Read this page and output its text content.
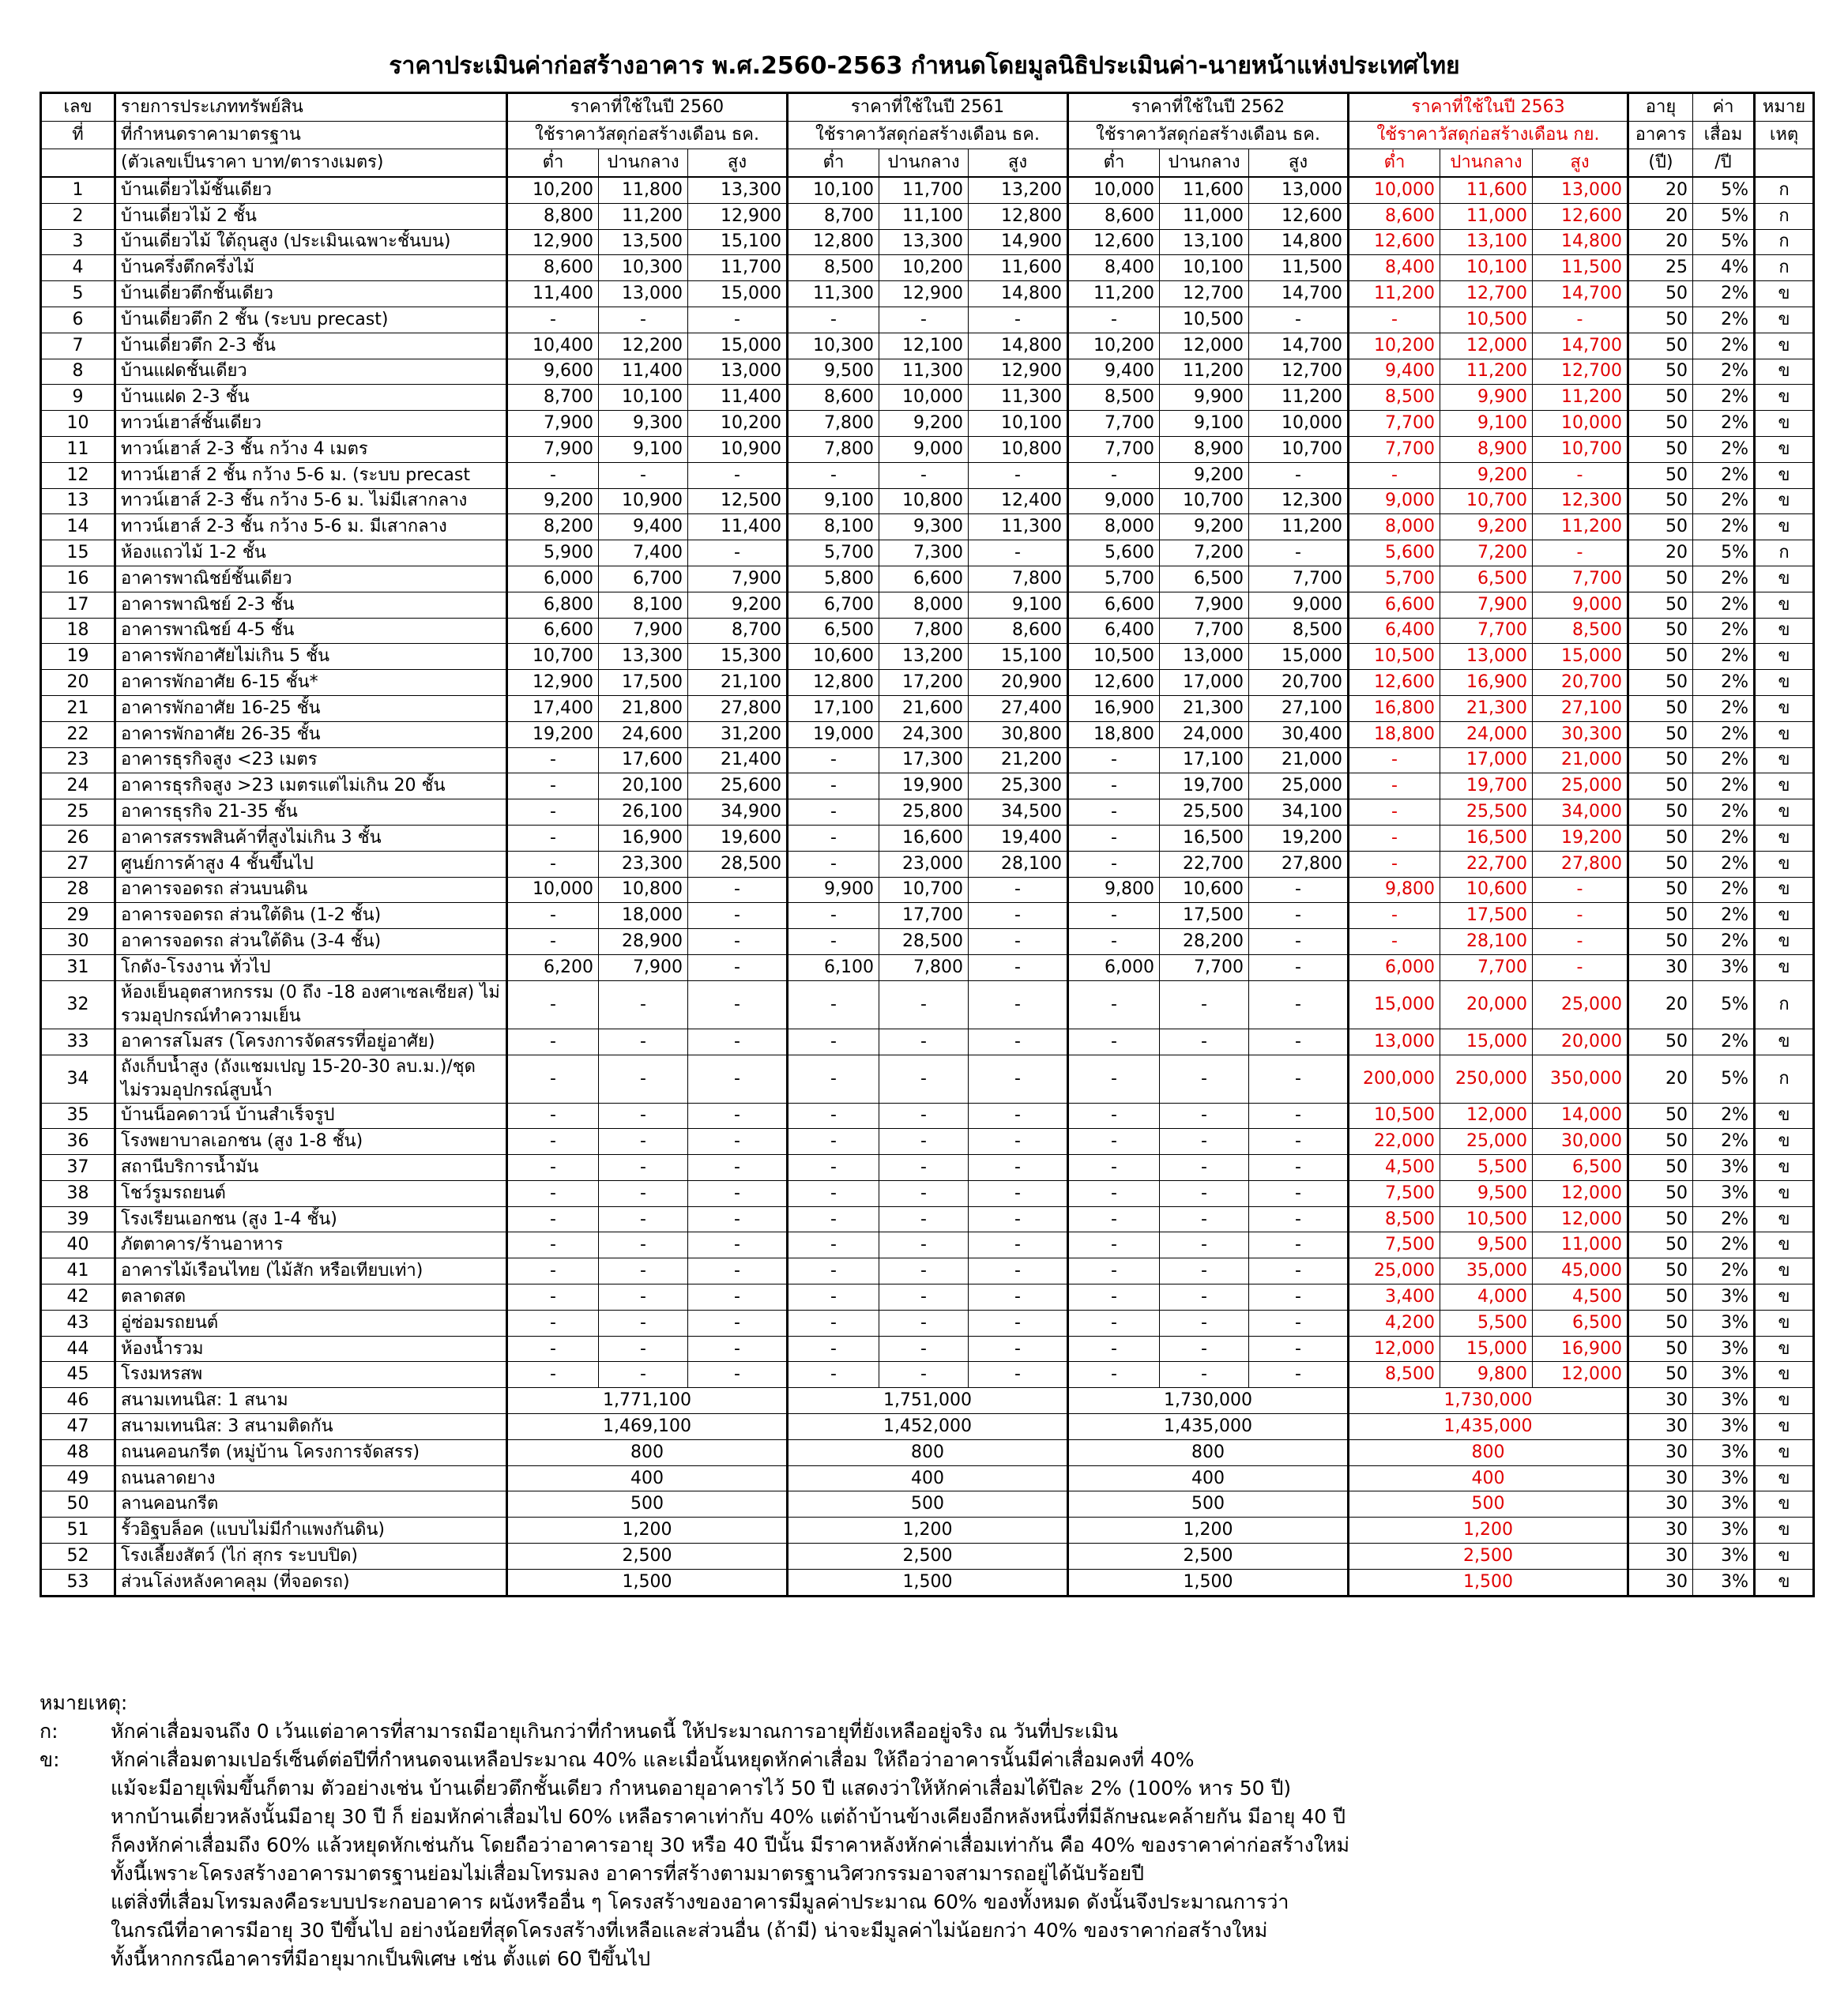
ราคาประเมินค่าก่อสร้างอาคาร พ.ศ.2560-2563 กำหนดโดยมูลนิธิประเมินค่า-นายหน้าแห่งประเทศไทย
เลข	รายการประเภททรัพย์สิน	ราคาที่ใช้ในปี 2560			ราคาที่ใช้ในปี 2561			ราคาที่ใช้ในปี 2562			ราคาที่ใช้ในปี 2563			อายุ	ค่า	หมาย
ที่	ที่กำหนดราคามาตรฐาน	ใช้ราคาวัสดุก่อสร้างเดือน ธค.			ใช้ราคาวัสดุก่อสร้างเดือน ธค.			ใช้ราคาวัสดุก่อสร้างเดือน ธค.			ใช้ราคาวัสดุก่อสร้างเดือน กย.			อาคาร	เสื่อม	เหตุ
	(ตัวเลขเป็นราคา บาท/ตารางเมตร)	ต่ำ	ปานกลาง	สูง	ต่ำ	ปานกลาง	สูง	ต่ำ	ปานกลาง	สูง	ต่ำ	ปานกลาง	สูง	(ปี)	/ปี	
1	บ้านเดี่ยวไม้ชั้นเดียว	10,200	11,800	13,300	10,100	11,700	13,200	10,000	11,600	13,000	10,000	11,600	13,000	20	5%	ก
2	บ้านเดี่ยวไม้ 2 ชั้น	8,800	11,200	12,900	8,700	11,100	12,800	8,600	11,000	12,600	8,600	11,000	12,600	20	5%	ก
3	บ้านเดี่ยวไม้ ใต้ถุนสูง (ประเมินเฉพาะชั้นบน)	12,900	13,500	15,100	12,800	13,300	14,900	12,600	13,100	14,800	12,600	13,100	14,800	20	5%	ก
4	บ้านครึ่งตึกครึ่งไม้	8,600	10,300	11,700	8,500	10,200	11,600	8,400	10,100	11,500	8,400	10,100	11,500	25	4%	ก
5	บ้านเดี่ยวตึกชั้นเดียว	11,400	13,000	15,000	11,300	12,900	14,800	11,200	12,700	14,700	11,200	12,700	14,700	50	2%	ข
6	บ้านเดี่ยวตึก 2 ชั้น (ระบบ precast)	-	-	-	-	-	-	-	10,500	-	-	10,500	-	50	2%	ข
7	บ้านเดี่ยวตึก 2-3 ชั้น	10,400	12,200	15,000	10,300	12,100	14,800	10,200	12,000	14,700	10,200	12,000	14,700	50	2%	ข
8	บ้านแฝดชั้นเดียว	9,600	11,400	13,000	9,500	11,300	12,900	9,400	11,200	12,700	9,400	11,200	12,700	50	2%	ข
9	บ้านแฝด 2-3 ชั้น	8,700	10,100	11,400	8,600	10,000	11,300	8,500	9,900	11,200	8,500	9,900	11,200	50	2%	ข
10	ทาวน์เฮาส์ชั้นเดียว	7,900	9,300	10,200	7,800	9,200	10,100	7,700	9,100	10,000	7,700	9,100	10,000	50	2%	ข
11	ทาวน์เฮาส์ 2-3 ชั้น กว้าง 4 เมตร	7,900	9,100	10,900	7,800	9,000	10,800	7,700	8,900	10,700	7,700	8,900	10,700	50	2%	ข
12	ทาวน์เฮาส์ 2 ชั้น กว้าง 5-6 ม. (ระบบ precast	-	-	-	-	-	-	-	9,200	-	-	9,200	-	50	2%	ข
13	ทาวน์เฮาส์ 2-3 ชั้น กว้าง 5-6 ม. ไม่มีเสากลาง	9,200	10,900	12,500	9,100	10,800	12,400	9,000	10,700	12,300	9,000	10,700	12,300	50	2%	ข
14	ทาวน์เฮาส์ 2-3 ชั้น กว้าง 5-6 ม. มีเสากลาง	8,200	9,400	11,400	8,100	9,300	11,300	8,000	9,200	11,200	8,000	9,200	11,200	50	2%	ข
15	ห้องแถวไม้ 1-2 ชั้น	5,900	7,400	-	5,700	7,300	-	5,600	7,200	-	5,600	7,200	-	20	5%	ก
16	อาคารพาณิชย์ชั้นเดียว	6,000	6,700	7,900	5,800	6,600	7,800	5,700	6,500	7,700	5,700	6,500	7,700	50	2%	ข
17	อาคารพาณิชย์ 2-3 ชั้น	6,800	8,100	9,200	6,700	8,000	9,100	6,600	7,900	9,000	6,600	7,900	9,000	50	2%	ข
18	อาคารพาณิชย์ 4-5 ชั้น	6,600	7,900	8,700	6,500	7,800	8,600	6,400	7,700	8,500	6,400	7,700	8,500	50	2%	ข
19	อาคารพักอาศัยไม่เกิน 5 ชั้น	10,700	13,300	15,300	10,600	13,200	15,100	10,500	13,000	15,000	10,500	13,000	15,000	50	2%	ข
20	อาคารพักอาศัย 6-15 ชั้น*	12,900	17,500	21,100	12,800	17,200	20,900	12,600	17,000	20,700	12,600	16,900	20,700	50	2%	ข
21	อาคารพักอาศัย 16-25 ชั้น	17,400	21,800	27,800	17,100	21,600	27,400	16,900	21,300	27,100	16,800	21,300	27,100	50	2%	ข
22	อาคารพักอาศัย 26-35 ชั้น	19,200	24,600	31,200	19,000	24,300	30,800	18,800	24,000	30,400	18,800	24,000	30,300	50	2%	ข
23	อาคารธุรกิจสูง <23 เมตร	-	17,600	21,400	-	17,300	21,200	-	17,100	21,000	-	17,000	21,000	50	2%	ข
24	อาคารธุรกิจสูง >23 เมตรแต่ไม่เกิน 20 ชั้น	-	20,100	25,600	-	19,900	25,300	-	19,700	25,000	-	19,700	25,000	50	2%	ข
25	อาคารธุรกิจ 21-35 ชั้น	-	26,100	34,900	-	25,800	34,500	-	25,500	34,100	-	25,500	34,000	50	2%	ข
26	อาคารสรรพสินค้าที่สูงไม่เกิน 3 ชั้น	-	16,900	19,600	-	16,600	19,400	-	16,500	19,200	-	16,500	19,200	50	2%	ข
27	ศูนย์การค้าสูง 4 ชั้นขึ้นไป	-	23,300	28,500	-	23,000	28,100	-	22,700	27,800	-	22,700	27,800	50	2%	ข
28	อาคารจอดรถ ส่วนบนดิน	10,000	10,800	-	9,900	10,700	-	9,800	10,600	-	9,800	10,600	-	50	2%	ข
29	อาคารจอดรถ ส่วนใต้ดิน (1-2 ชั้น)	-	18,000	-	-	17,700	-	-	17,500	-	-	17,500	-	50	2%	ข
30	อาคารจอดรถ ส่วนใต้ดิน (3-4 ชั้น)	-	28,900	-	-	28,500	-	-	28,200	-	-	28,100	-	50	2%	ข
31	โกดัง-โรงงาน ทั่วไป	6,200	7,900	-	6,100	7,800	-	6,000	7,700	-	6,000	7,700	-	30	3%	ข
32	ห้องเย็นอุตสาหกรรม (0 ถึง -18 องศาเซลเซียส) ไม่รวมอุปกรณ์ทำความเย็น	-	-	-	-	-	-	-	-	-	15,000	20,000	25,000	20	5%	ก
33	อาคารสโมสร (โครงการจัดสรรที่อยู่อาศัย)	-	-	-	-	-	-	-	-	-	13,000	15,000	20,000	50	2%	ข
34	ถังเก็บน้ำสูง (ถังแชมเปญ 15-20-30 ลบ.ม.)/ชุด ไม่รวมอุปกรณ์สูบน้ำ	-	-	-	-	-	-	-	-	-	200,000	250,000	350,000	20	5%	ก
35	บ้านน็อคดาวน์ บ้านสำเร็จรูป	-	-	-	-	-	-	-	-	-	10,500	12,000	14,000	50	2%	ข
36	โรงพยาบาลเอกชน (สูง 1-8 ชั้น)	-	-	-	-	-	-	-	-	-	22,000	25,000	30,000	50	2%	ข
37	สถานีบริการน้ำมัน	-	-	-	-	-	-	-	-	-	4,500	5,500	6,500	50	3%	ข
38	โชว์รูมรถยนต์	-	-	-	-	-	-	-	-	-	7,500	9,500	12,000	50	3%	ข
39	โรงเรียนเอกชน (สูง 1-4 ชั้น)	-	-	-	-	-	-	-	-	-	8,500	10,500	12,000	50	2%	ข
40	ภัตตาคาร/ร้านอาหาร	-	-	-	-	-	-	-	-	-	7,500	9,500	11,000	50	2%	ข
41	อาคารไม้เรือนไทย (ไม้สัก หรือเทียบเท่า)	-	-	-	-	-	-	-	-	-	25,000	35,000	45,000	50	2%	ข
42	ตลาดสด	-	-	-	-	-	-	-	-	-	3,400	4,000	4,500	50	3%	ข
43	อู่ซ่อมรถยนต์	-	-	-	-	-	-	-	-	-	4,200	5,500	6,500	50	3%	ข
44	ห้องน้ำรวม	-	-	-	-	-	-	-	-	-	12,000	15,000	16,900	50	3%	ข
45	โรงมหรสพ	-	-	-	-	-	-	-	-	-	8,500	9,800	12,000	50	3%	ข
46	สนามเทนนิส: 1 สนาม	1,771,100			1,751,000			1,730,000			1,730,000			30	3%	ข
47	สนามเทนนิส: 3 สนามติดกัน	1,469,100			1,452,000			1,435,000			1,435,000			30	3%	ข
48	ถนนคอนกรีต (หมู่บ้าน โครงการจัดสรร)	800			800			800			800			30	3%	ข
49	ถนนลาดยาง	400			400			400			400			30	3%	ข
50	ลานคอนกรีต	500			500			500			500			30	3%	ข
51	รั้วอิฐบล็อค (แบบไม่มีกำแพงกันดิน)	1,200			1,200			1,200			1,200			30	3%	ข
52	โรงเลี้ยงสัตว์ (ไก่ สุกร ระบบปิด)	2,500			2,500			2,500			2,500			30	3%	ข
53	ส่วนโล่งหลังคาคลุม (ที่จอดรถ)	1,500			1,500			1,500			1,500			30	3%	ข
หมายเหตุ:
ก:	หักค่าเสื่อมจนถึง 0 เว้นแต่อาคารที่สามารถมีอายุเกินกว่าที่กำหนดนี้ ให้ประมาณการอายุที่ยังเหลืออยู่จริง ณ วันที่ประเมิน
ข:	หักค่าเสื่อมตามเปอร์เซ็นต์ต่อปีที่กำหนดจนเหลือประมาณ 40% และเมื่อนั้นหยุดหักค่าเสื่อม ให้ถือว่าอาคารนั้นมีค่าเสื่อมคงที่ 40%
แม้จะมีอายุเพิ่มขึ้นก็ตาม ตัวอย่างเช่น บ้านเดี่ยวตึกชั้นเดียว กำหนดอายุอาคารไว้ 50 ปี แสดงว่าให้หักค่าเสื่อมได้ปีละ 2% (100% หาร 50 ปี)
หากบ้านเดี่ยวหลังนั้นมีอายุ 30 ปี ก็ ย่อมหักค่าเสื่อมไป 60% เหลือราคาเท่ากับ 40% แต่ถ้าบ้านข้างเคียงอีกหลังหนึ่งที่มีลักษณะคล้ายกัน มีอายุ 40 ปี
ก็คงหักค่าเสื่อมถึง 60% แล้วหยุดหักเช่นกัน โดยถือว่าอาคารอายุ 30 หรือ 40 ปีนั้น มีราคาหลังหักค่าเสื่อมเท่ากัน คือ 40% ของราคาค่าก่อสร้างใหม่
ทั้งนี้เพราะโครงสร้างอาคารมาตรฐานย่อมไม่เสื่อมโทรมลง อาคารที่สร้างตามมาตรฐานวิศวกรรมอาจสามารถอยู่ได้นับร้อยปี
แต่สิ่งที่เสื่อมโทรมลงคือระบบประกอบอาคาร ผนังหรืออื่น ๆ โครงสร้างของอาคารมีมูลค่าประมาณ 60% ของทั้งหมด ดังนั้นจึงประมาณการว่า
ในกรณีที่อาคารมีอายุ 30 ปีขึ้นไป อย่างน้อยที่สุดโครงสร้างที่เหลือและส่วนอื่น (ถ้ามี) น่าจะมีมูลค่าไม่น้อยกว่า 40% ของราคาก่อสร้างใหม่
ทั้งนี้หากกรณีอาคารที่มีอายุมากเป็นพิเศษ เช่น ตั้งแต่ 60 ปีขึ้นไป
